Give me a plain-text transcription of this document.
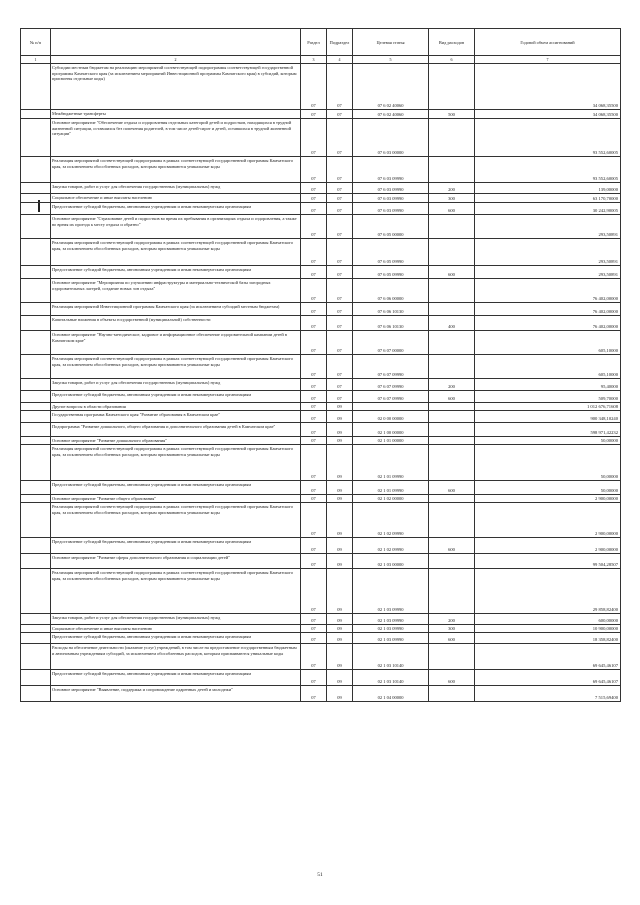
№ п/п		Раздел	Подраздел	Целевая статья	Вид расходов	Годовой объем ассигнований
1	2	3	4	5	6	7
	Субсидии местным бюджетам на реализацию мероприятий соответствующей подпрограммы соответствующей государственной программы Камчатского края (за исключением мероприятий Инвестиционной программы Камчатского края) в субсидий, которым присвоены отдельные коды)	07	07	07 6 02 40060		34 068,35500
	Межбюджетные трансферты	07	07	07 6 02 40060	500	34 068,35500
	Основное мероприятие "Обеспечение отдыха и оздоровления отдельных категорий детей и подростков, находящихся в трудной жизненной ситуации, оставшихся без попечения родителей, в том числе детей-сирот и детей, оставшихся в трудной жизненной ситуации"	07	07	07 6 03 00000		93 552,60005
	Реализация мероприятий соответствующей подпрограммы в рамках соответствующей государственной программы Камчатского края, за исключением обособленных расходов, которым присваиваются уникальные коды	07	07	07 6 03 09990		93 552,60005
	Закупка товаров, работ и услуг для обеспечения государственных (муниципальных) нужд	07	07	07 6 03 09990	200	139,00000
	Социальное обеспечение и иные выплаты населению	07	07	07 6 03 09990	300	63 170,70000
	Предоставление субсидий бюджетным, автономным учреждениям и иным некоммерческим организациям	07	07	07 6 03 09990	600	30 242,90005
	Основное мероприятие "Страхование детей и подростков во время их пребывания в организациях отдыха и оздоровления, а также во время их проезда к месту отдыха и обратно"	07	07	07 6 05 00000		293,50891
	Реализация мероприятий соответствующей подпрограммы в рамках соответствующей государственной программы Камчатского края, за исключением обособленных расходов, которым присваиваются уникальные коды	07	07	07 6 05 09990		293,50891
	Предоставление субсидий бюджетным, автономным учреждениям и иным некоммерческим организациям	07	07	07 6 05 09990	600	293,50891
	Основное мероприятие "Мероприятия по улучшению инфраструктуры и материально-технической базы загородных оздоровительных лагерей, создание новых зон отдыха"	07	07	07 6 06 00000		76 402,00000
	Реализация мероприятий Инвестиционной программы Камчатского края (за исключением субсидий местным бюджетам)	07	07	07 6 06 10130		76 402,00000
	Капитальные вложения в объекты государственной (муниципальной) собственности	07	07	07 6 06 10130	400	76 402,00000
	Основное мероприятие "Научно-методическое, кадровое и информационное обеспечение оздоровительной кампании детей в Камчатском крае"	07	07	07 6 07 00000		605,10000
	Реализация мероприятий соответствующей подпрограммы в рамках соответствующей государственной программы Камчатского края, за исключением обособленных расходов, которым присваиваются уникальные коды	07	07	07 6 07 09990		605,10000
	Закупка товаров, работ и услуг для обеспечения государственных (муниципальных) нужд	07	07	07 6 07 09990	200	95,40000
	Предоставление субсидий бюджетным, автономным учреждениям и иным некоммерческим организациям	07	07	07 6 07 09990	600	509,70000
	Другие вопросы в области образования	07	09			1 012 676,71608
	Государственная программа Камчатского края "Развитие образования в Камчатском крае"	07	09	02 0 00 00000		900 348,10240
	Подпрограмма "Развитие дошкольного, общего образования и дополнительного образования детей в Камчатском крае"	07	09	02 1 00 00000		598 971,42232
	Основное мероприятие "Развитие дошкольного образования"	07	09	02 1 01 00000		50,00000
	Реализация мероприятий соответствующей подпрограммы в рамках соответствующей государственной программы Камчатского края, за исключением обособленных расходов, которым присваиваются уникальные коды	07	09	02 1 01 09990		50,00000
	Предоставление субсидий бюджетным, автономным учреждениям и иным некоммерческим организациям	07	09	02 1 01 09990	600	50,00000
	Основное мероприятие "Развитие общего образования"	07	09	02 1 02 00000		2 900,00000
	Реализация мероприятий соответствующей подпрограммы в рамках соответствующей государственной программы Камчатского края, за исключением обособленных расходов, которым присваиваются уникальные коды	07	09	02 1 02 09990		2 900,00000
	Предоставление субсидий бюджетным, автономным учреждениям и иным некоммерческим организациям	07	09	02 1 02 09990	600	2 900,00000
	Основное мероприятие "Развитие сферы дополнительного образования и социализации детей"	07	09	02 1 03 00000		99 504,28507
	Реализация мероприятий соответствующей подпрограммы в рамках соответствующей государственной программы Камчатского края, за исключением обособленных расходов, которым присваиваются уникальные коды	07	09	02 1 03 09990		29 858,82400
	Закупка товаров, работ и услуг для обеспечения государственных (муниципальных) нужд	07	09	02 1 03 09990	200	600,00000
	Социальное обеспечение и иные выплаты населению	07	09	02 1 03 09990	300	10 900,00000
	Предоставление субсидий бюджетным, автономным учреждениям и иным некоммерческим организациям	07	09	02 1 03 09990	600	18 358,82400
	Расходы на обеспечение деятельности (оказание услуг) учреждений, в том числе на предоставление государственным бюджетным и автономным учреждениям субсидий, за исключением обособленных расходов, которым присваиваются уникальные коды	07	09	02 1 03 10140		69 645,46107
	Предоставление субсидий бюджетным, автономным учреждениям и иным некоммерческим организациям	07	09	02 1 03 10140	600	69 645,46107
	Основное мероприятие "Выявление, поддержка и сопровождение одаренных детей и молодежи"	07	09	02 1 04 00000		7 515,69400
51
